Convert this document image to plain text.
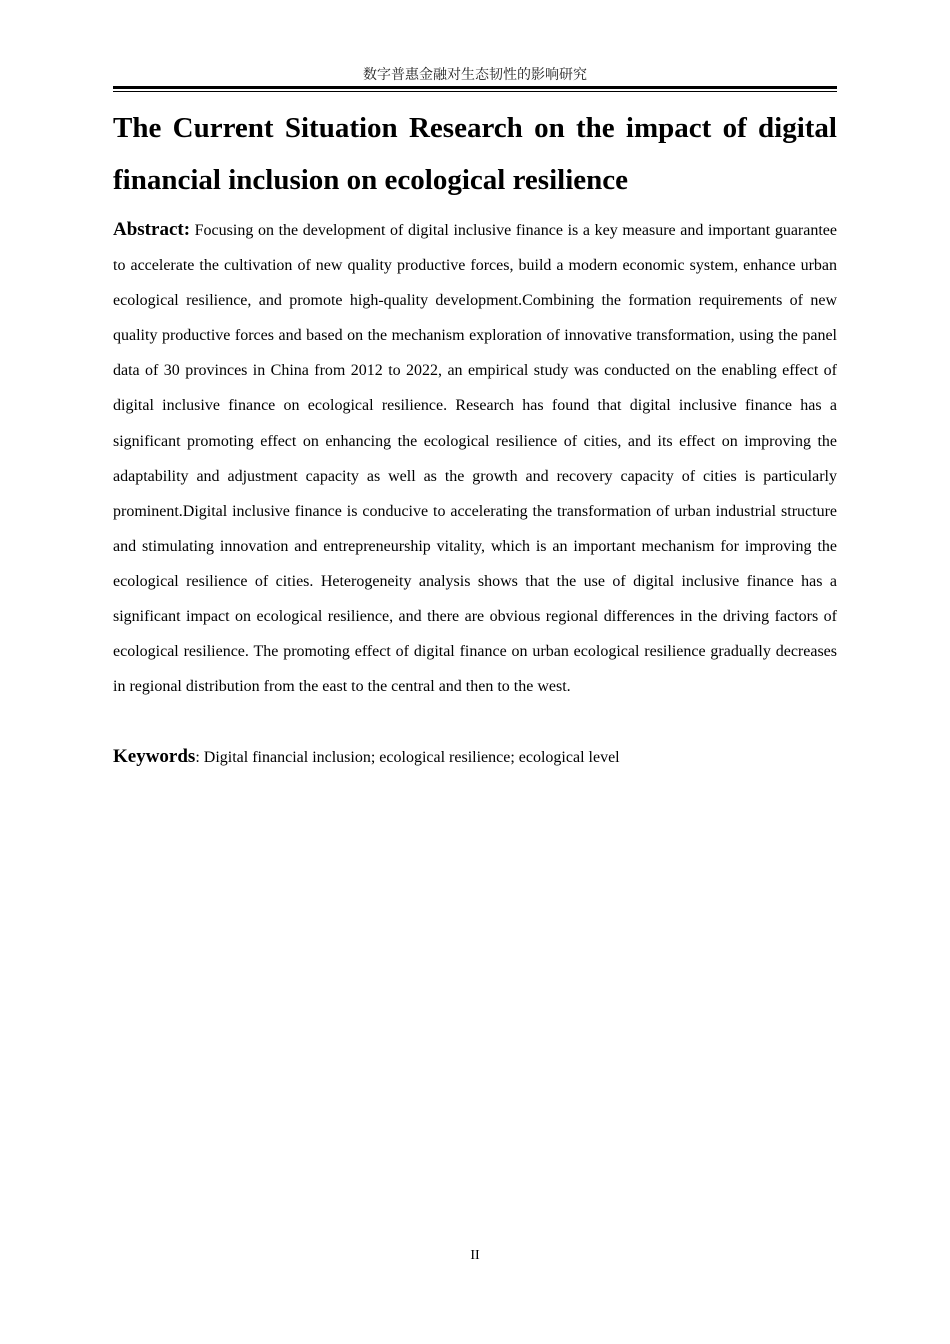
数字普惠金融对生态韧性的影响研究
The Current Situation Research on the impact of digital financial inclusion on ecological resilience

Abstract: Focusing on the development of digital inclusive finance is a key measure and important guarantee to accelerate the cultivation of new quality productive forces, build a modern economic system, enhance urban ecological resilience, and promote high-quality development.Combining the formation requirements of new quality productive forces and based on the mechanism exploration of innovative transformation, using the panel data of 30 provinces in China from 2012 to 2022, an empirical study was conducted on the enabling effect of digital inclusive finance on ecological resilience. Research has found that digital inclusive finance has a significant promoting effect on enhancing the ecological resilience of cities, and its effect on improving the adaptability and adjustment capacity as well as the growth and recovery capacity of cities is particularly prominent.Digital inclusive finance is conducive to accelerating the transformation of urban industrial structure and stimulating innovation and entrepreneurship vitality, which is an important mechanism for improving the ecological resilience of cities. Heterogeneity analysis shows that the use of digital inclusive finance has a significant impact on ecological resilience, and there are obvious regional differences in the driving factors of ecological resilience. The promoting effect of digital finance on urban ecological resilience gradually decreases in regional distribution from the east to the central and then to the west.

Keywords: Digital financial inclusion; ecological resilience; ecological level

II
